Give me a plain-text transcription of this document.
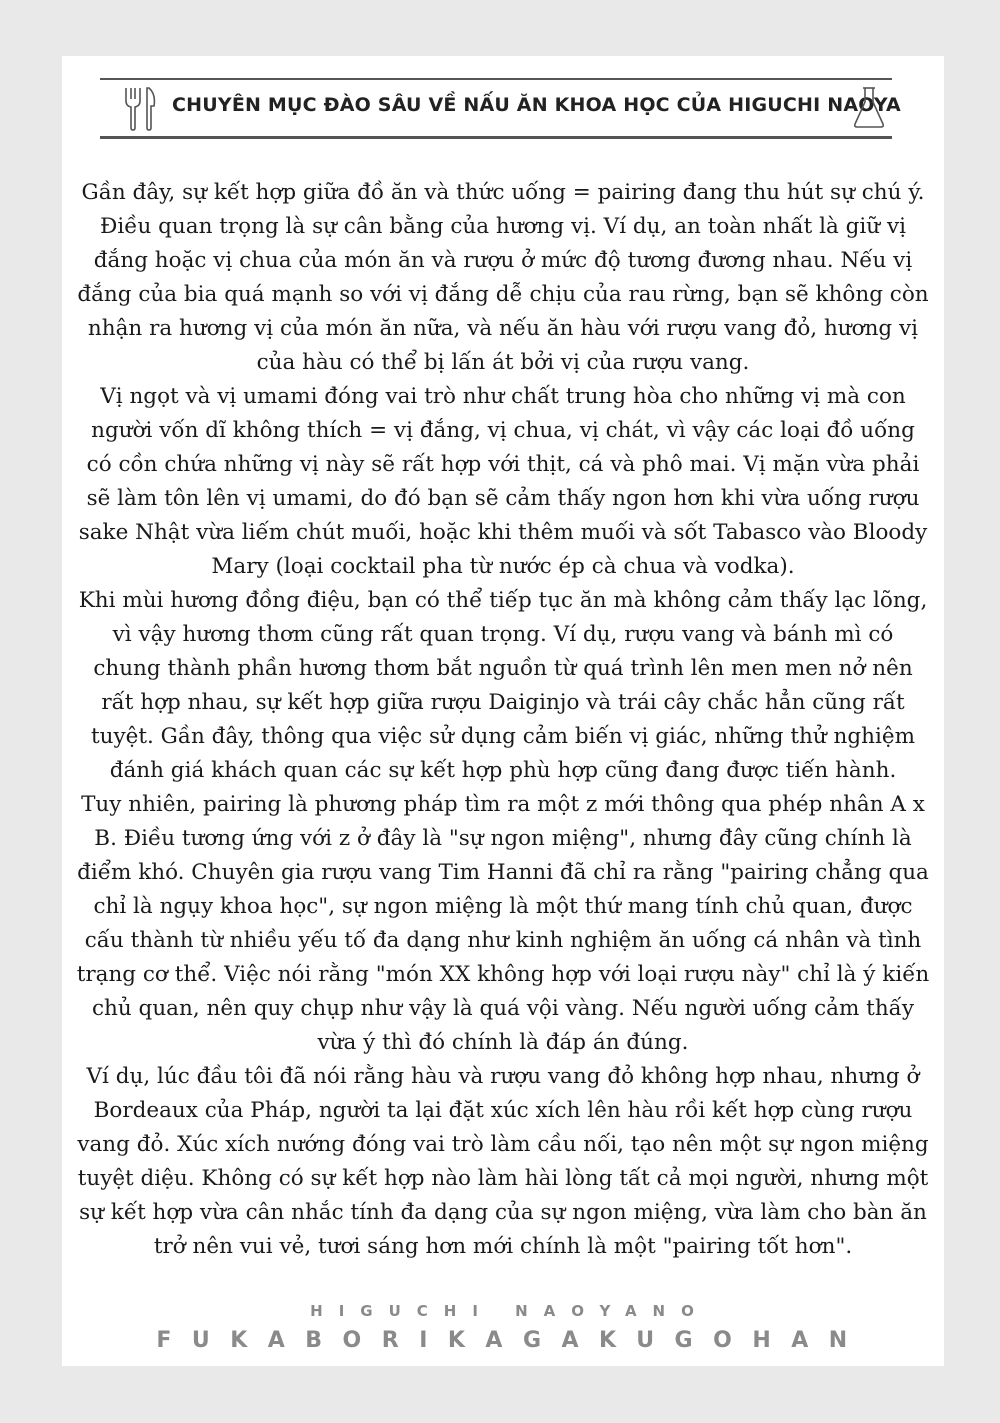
CHUYÊN MỤC ĐÀO SÂU VỀ NẤU ĂN KHOA HỌC CỦA HIGUCHI NAOYA

Gần đây, sự kết hợp giữa đồ ăn và thức uống = pairing đang thu hút sự chú ý. Điều quan trọng là sự cân bằng của hương vị. Ví dụ, an toàn nhất là giữ vị đắng hoặc vị chua của món ăn và rượu ở mức độ tương đương nhau. Nếu vị đắng của bia quá mạnh so với vị đắng dễ chịu của rau rừng, bạn sẽ không còn nhận ra hương vị của món ăn nữa, và nếu ăn hàu với rượu vang đỏ, hương vị của hàu có thể bị lấn át bởi vị của rượu vang.

Vị ngọt và vị umami đóng vai trò như chất trung hòa cho những vị mà con người vốn dĩ không thích = vị đắng, vị chua, vị chát, vì vậy các loại đồ uống có cồn chứa những vị này sẽ rất hợp với thịt, cá và phô mai. Vị mặn vừa phải sẽ làm tôn lên vị umami, do đó bạn sẽ cảm thấy ngon hơn khi vừa uống rượu sake Nhật vừa liếm chút muối, hoặc khi thêm muối và sốt Tabasco vào Bloody Mary (loại cocktail pha từ nước ép cà chua và vodka).

Khi mùi hương đồng điệu, bạn có thể tiếp tục ăn mà không cảm thấy lạc lõng, vì vậy hương thơm cũng rất quan trọng. Ví dụ, rượu vang và bánh mì có chung thành phần hương thơm bắt nguồn từ quá trình lên men men nở nên rất hợp nhau, sự kết hợp giữa rượu Daiginjo và trái cây chắc hẳn cũng rất tuyệt. Gần đây, thông qua việc sử dụng cảm biến vị giác, những thử nghiệm đánh giá khách quan các sự kết hợp phù hợp cũng đang được tiến hành.

Tuy nhiên, pairing là phương pháp tìm ra một z mới thông qua phép nhân A x B. Điều tương ứng với z ở đây là "sự ngon miệng", nhưng đây cũng chính là điểm khó. Chuyên gia rượu vang Tim Hanni đã chỉ ra rằng "pairing chẳng qua chỉ là ngụy khoa học", sự ngon miệng là một thứ mang tính chủ quan, được cấu thành từ nhiều yếu tố đa dạng như kinh nghiệm ăn uống cá nhân và tình trạng cơ thể. Việc nói rằng "món XX không hợp với loại rượu này" chỉ là ý kiến chủ quan, nên quy chụp như vậy là quá vội vàng. Nếu người uống cảm thấy vừa ý thì đó chính là đáp án đúng.

Ví dụ, lúc đầu tôi đã nói rằng hàu và rượu vang đỏ không hợp nhau, nhưng ở Bordeaux của Pháp, người ta lại đặt xúc xích lên hàu rồi kết hợp cùng rượu vang đỏ. Xúc xích nướng đóng vai trò làm cầu nối, tạo nên một sự ngon miệng tuyệt diệu. Không có sự kết hợp nào làm hài lòng tất cả mọi người, nhưng một sự kết hợp vừa cân nhắc tính đa dạng của sự ngon miệng, vừa làm cho bàn ăn trở nên vui vẻ, tươi sáng hơn mới chính là một "pairing tốt hơn".

HIGUCHI NAOYANO
FUKABORIKAGAKUGOHAN
